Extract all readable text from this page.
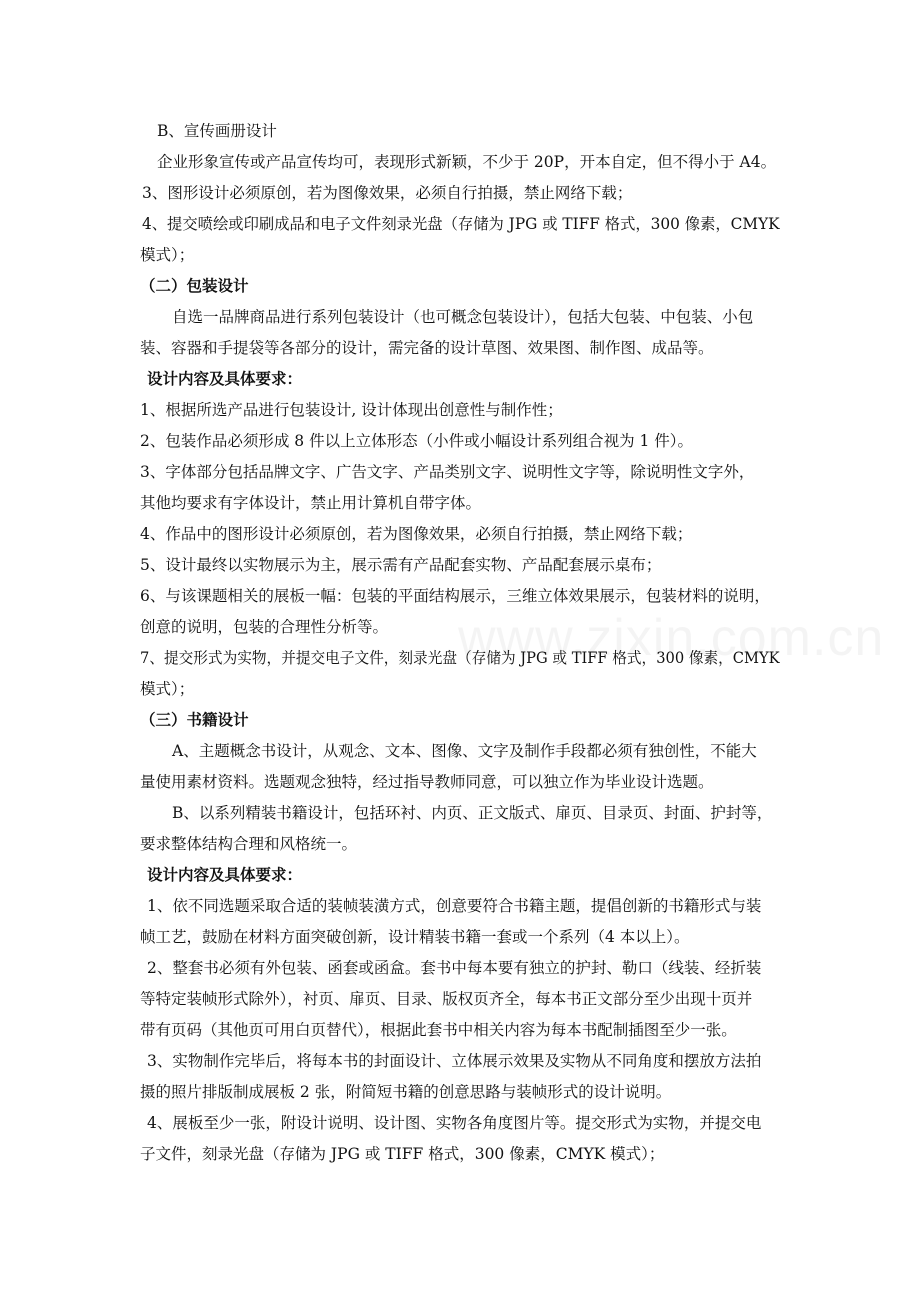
B、宣传画册设计
企业形象宣传或产品宣传均可，表现形式新颖，不少于 20P，开本自定，但不得小于 A4。
3、图形设计必须原创，若为图像效果，必须自行拍摄，禁止网络下载；
4、提交喷绘或印刷成品和电子文件刻录光盘（存储为 JPG 或 TIFF 格式，300 像素，CMYK
模式）；
（二）包装设计
自选一品牌商品进行系列包装设计（也可概念包装设计），包括大包装、中包装、小包
装、容器和手提袋等各部分的设计，需完备的设计草图、效果图、制作图、成品等。
设计内容及具体要求：
1、根据所选产品进行包装设计, 设计体现出创意性与制作性；
2、包装作品必须形成 8 件以上立体形态（小件或小幅设计系列组合视为 1 件）。
3、字体部分包括品牌文字、广告文字、产品类别文字、说明性文字等，除说明性文字外，
其他均要求有字体设计，禁止用计算机自带字体。
4、作品中的图形设计必须原创，若为图像效果，必须自行拍摄，禁止网络下载；
5、设计最终以实物展示为主，展示需有产品配套实物、产品配套展示桌布；
6、与该课题相关的展板一幅：包装的平面结构展示，三维立体效果展示，包装材料的说明，
创意的说明，包装的合理性分析等。
7、提交形式为实物，并提交电子文件，刻录光盘（存储为 JPG 或 TIFF 格式，300 像素，CMYK
模式）；
（三）书籍设计
A、主题概念书设计，从观念、文本、图像、文字及制作手段都必须有独创性，不能大
量使用素材资料。选题观念独特，经过指导教师同意，可以独立作为毕业设计选题。
B、以系列精装书籍设计，包括环衬、内页、正文版式、扉页、目录页、封面、护封等，
要求整体结构合理和风格统一。
设计内容及具体要求：
1、依不同选题采取合适的装帧装潢方式，创意要符合书籍主题，提倡创新的书籍形式与装
帧工艺，鼓励在材料方面突破创新，设计精装书籍一套或一个系列（4 本以上）。
2、整套书必须有外包装、函套或函盒。套书中每本要有独立的护封、勒口（线装、经折装
等特定装帧形式除外），衬页、扉页、目录、版权页齐全，每本书正文部分至少出现十页并
带有页码（其他页可用白页替代），根据此套书中相关内容为每本书配制插图至少一张。
3、实物制作完毕后，将每本书的封面设计、立体展示效果及实物从不同角度和摆放方法拍
摄的照片排版制成展板 2 张，附简短书籍的创意思路与装帧形式的设计说明。
4、展板至少一张，附设计说明、设计图、实物各角度图片等。提交形式为实物，并提交电
子文件，刻录光盘（存储为 JPG 或 TIFF 格式，300 像素，CMYK 模式）；
